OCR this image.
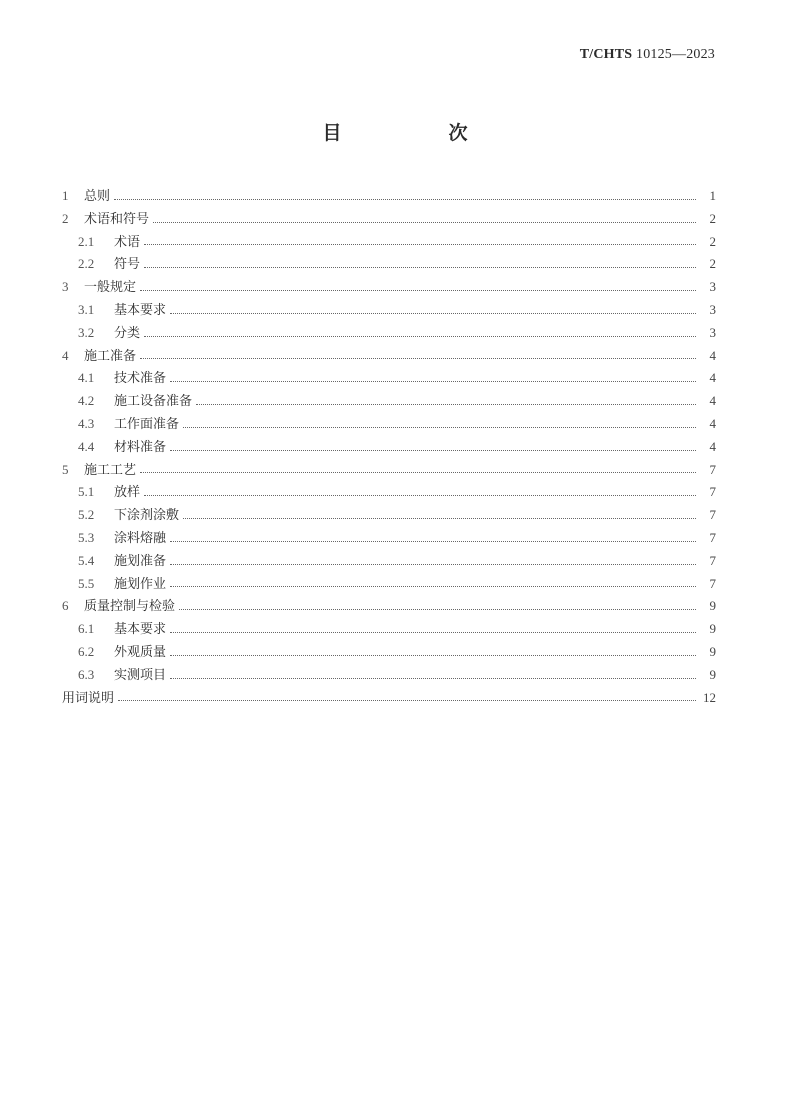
T/CHTS 10125—2023
目　次
1	总则	1
2	术语和符号	2
2.1	术语	2
2.2	符号	2
3	一般规定	3
3.1	基本要求	3
3.2	分类	3
4	施工准备	4
4.1	技术准备	4
4.2	施工设备准备	4
4.3	工作面准备	4
4.4	材料准备	4
5	施工工艺	7
5.1	放样	7
5.2	下涂剂涂敷	7
5.3	涂料熔融	7
5.4	施划准备	7
5.5	施划作业	7
6	质量控制与检验	9
6.1	基本要求	9
6.2	外观质量	9
6.3	实测项目	9
用词说明	12
